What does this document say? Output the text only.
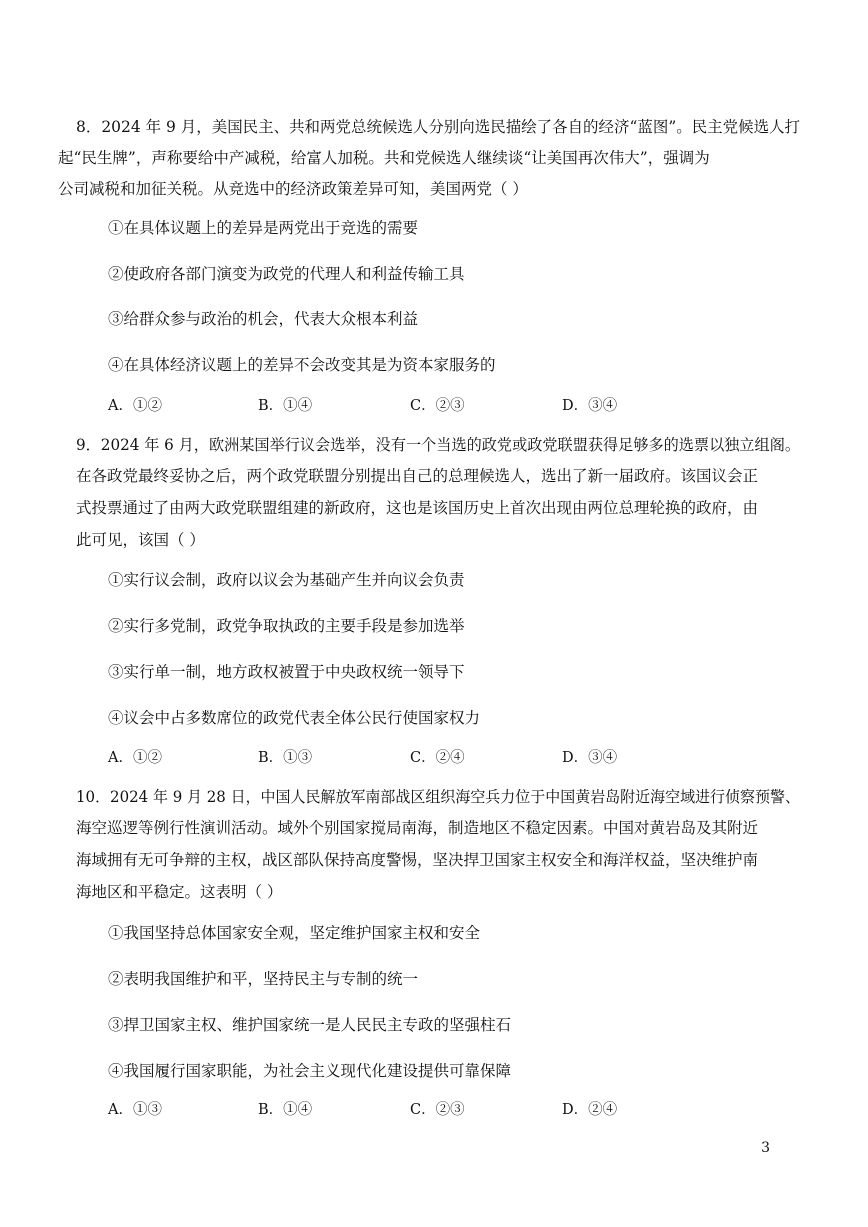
8．2024 年 9 月，美国民主、共和两党总统候选人分别向选民描绘了各自的经济“蓝图”。民主党候选人打
起“民生牌”，声称要给中产减税，给富人加税。共和党候选人继续谈“让美国再次伟大”，强调为
公司减税和加征关税。从竞选中的经济政策差异可知，美国两党（ ）
①在具体议题上的差异是两党出于竞选的需要
②使政府各部门演变为政党的代理人和利益传输工具
③给群众参与政治的机会，代表大众根本利益
④在具体经济议题上的差异不会改变其是为资本家服务的
A．①②	B．①④	C．②③	D．③④
9．2024 年 6 月，欧洲某国举行议会选举，没有一个当选的政党或政党联盟获得足够多的选票以独立组阁。
在各政党最终妥协之后，两个政党联盟分别提出自己的总理候选人，选出了新一届政府。该国议会正
式投票通过了由两大政党联盟组建的新政府，这也是该国历史上首次出现由两位总理轮换的政府，由
此可见，该国（ ）
①实行议会制，政府以议会为基础产生并向议会负责
②实行多党制，政党争取执政的主要手段是参加选举
③实行单一制，地方政权被置于中央政权统一领导下
④议会中占多数席位的政党代表全体公民行使国家权力
A．①②	B．①③	C．②④	D．③④
10．2024 年 9 月 28 日，中国人民解放军南部战区组织海空兵力位于中国黄岩岛附近海空域进行侦察预警、
海空巡逻等例行性演训活动。域外个别国家搅局南海，制造地区不稳定因素。中国对黄岩岛及其附近
海域拥有无可争辩的主权，战区部队保持高度警惕，坚决捍卫国家主权安全和海洋权益，坚决维护南
海地区和平稳定。这表明（ ）
①我国坚持总体国家安全观，坚定维护国家主权和安全
②表明我国维护和平，坚持民主与专制的统一
③捍卫国家主权、维护国家统一是人民民主专政的坚强柱石
④我国履行国家职能，为社会主义现代化建设提供可靠保障
A．①③	B．①④	C．②③	D．②④
3
